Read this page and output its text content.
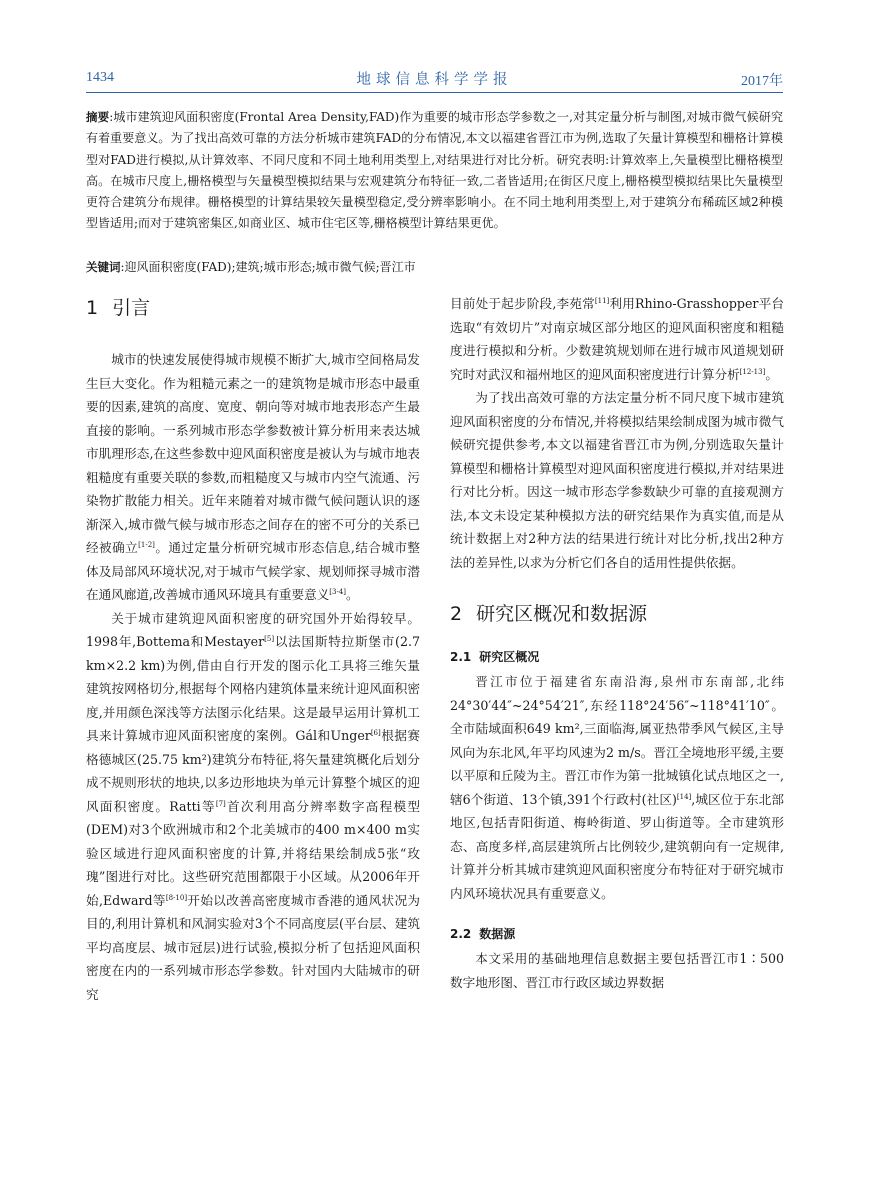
1434	地球信息科学学报	2017年
摘要:城市建筑迎风面积密度(Frontal Area Density,FAD)作为重要的城市形态学参数之一,对其定量分析与制图,对城市微气候研究有着重要意义。为了找出高效可靠的方法分析城市建筑FAD的分布情况,本文以福建省晋江市为例,选取了矢量计算模型和栅格计算模型对FAD进行模拟,从计算效率、不同尺度和不同土地利用类型上,对结果进行对比分析。研究表明:计算效率上,矢量模型比栅格模型高。在城市尺度上,栅格模型与矢量模型模拟结果与宏观建筑分布特征一致,二者皆适用;在街区尺度上,栅格模型模拟结果比矢量模型更符合建筑分布规律。栅格模型的计算结果较矢量模型稳定,受分辨率影响小。在不同土地利用类型上,对于建筑分布稀疏区域2种模型皆适用;而对于建筑密集区,如商业区、城市住宅区等,栅格模型计算结果更优。
关键词:迎风面积密度(FAD);建筑;城市形态;城市微气候;晋江市
1 引言

城市的快速发展使得城市规模不断扩大,城市空间格局发生巨大变化。作为粗糙元素之一的建筑物是城市形态中最重要的因素,建筑的高度、宽度、朝向等对城市地表形态产生最直接的影响。一系列城市形态学参数被计算分析用来表达城市肌理形态,在这些参数中迎风面积密度是被认为与城市地表粗糙度有重要关联的参数,而粗糙度又与城市内空气流通、污染物扩散能力相关。近年来随着对城市微气候问题认识的逐渐深入,城市微气候与城市形态之间存在的密不可分的关系已经被确立[1-2]。通过定量分析研究城市形态信息,结合城市整体及局部风环境状况,对于城市气候学家、规划师探寻城市潜在通风廊道,改善城市通风环境具有重要意义[3-4]。

关于城市建筑迎风面积密度的研究国外开始得较早。1998年,Bottema和Mestayer[5]以法国斯特拉斯堡市(2.7 km×2.2 km)为例,借由自行开发的图示化工具将三维矢量建筑按网格切分,根据每个网格内建筑体量来统计迎风面积密度,并用颜色深浅等方法图示化结果。这是最早运用计算机工具来计算城市迎风面积密度的案例。Gál和Unger[6]根据赛格德城区(25.75 km²)建筑分布特征,将矢量建筑概化后划分成不规则形状的地块,以多边形地块为单元计算整个城区的迎风面积密度。Ratti等[7]首次利用高分辨率数字高程模型(DEM)对3个欧洲城市和2个北美城市的400 m×400 m实验区域进行迎风面积密度的计算,并将结果绘制成5张“玫瑰”图进行对比。这些研究范围都限于小区域。从2006年开始,Edward等[8-10]开始以改善高密度城市香港的通风状况为目的,利用计算机和风洞实验对3个不同高度层(平台层、建筑平均高度层、城市冠层)进行试验,模拟分析了包括迎风面积密度在内的一系列城市形态学参数。针对国内大陆城市的研究

目前处于起步阶段,李苑常[11]利用Rhino-Grasshopper平台选取“有效切片”对南京城区部分地区的迎风面积密度和粗糙度进行模拟和分析。少数建筑规划师在进行城市风道规划研究时对武汉和福州地区的迎风面积密度进行计算分析[12-13]。

为了找出高效可靠的方法定量分析不同尺度下城市建筑迎风面积密度的分布情况,并将模拟结果绘制成图为城市微气候研究提供参考,本文以福建省晋江市为例,分别选取矢量计算模型和栅格计算模型对迎风面积密度进行模拟,并对结果进行对比分析。因这一城市形态学参数缺少可靠的直接观测方法,本文未设定某种模拟方法的研究结果作为真实值,而是从统计数据上对2种方法的结果进行统计对比分析,找出2种方法的差异性,以求为分析它们各自的适用性提供依据。

2 研究区概况和数据源
2.1 研究区概况

晋江市位于福建省东南沿海,泉州市东南部,北纬24°30′44″~24°54′21″,东经118°24′56″~118°41′10″。全市陆域面积649 km²,三面临海,属亚热带季风气候区,主导风向为东北风,年平均风速为2 m/s。晋江全境地形平缓,主要以平原和丘陵为主。晋江市作为第一批城镇化试点地区之一,辖6个街道、13个镇,391个行政村(社区)[14],城区位于东北部地区,包括青阳街道、梅岭街道、罗山街道等。全市建筑形态、高度多样,高层建筑所占比例较少,建筑朝向有一定规律,计算并分析其城市建筑迎风面积密度分布特征对于研究城市内风环境状况具有重要意义。

2.2 数据源

本文采用的基础地理信息数据主要包括晋江市1∶500数字地形图、晋江市行政区域边界数据
